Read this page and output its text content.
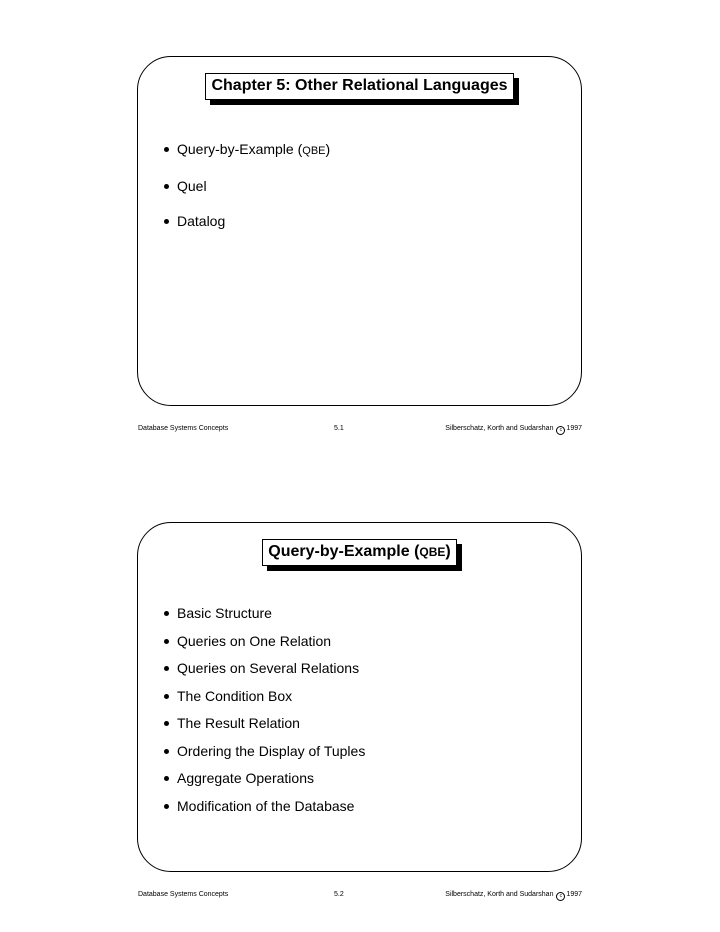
Chapter 5: Other Relational Languages
Query-by-Example (QBE)
Quel
Datalog
Database Systems Concepts	5.1	Silberschatz, Korth and Sudarshan c 1997
Query-by-Example (QBE)
Basic Structure
Queries on One Relation
Queries on Several Relations
The Condition Box
The Result Relation
Ordering the Display of Tuples
Aggregate Operations
Modification of the Database
Database Systems Concepts	5.2	Silberschatz, Korth and Sudarshan c 1997
